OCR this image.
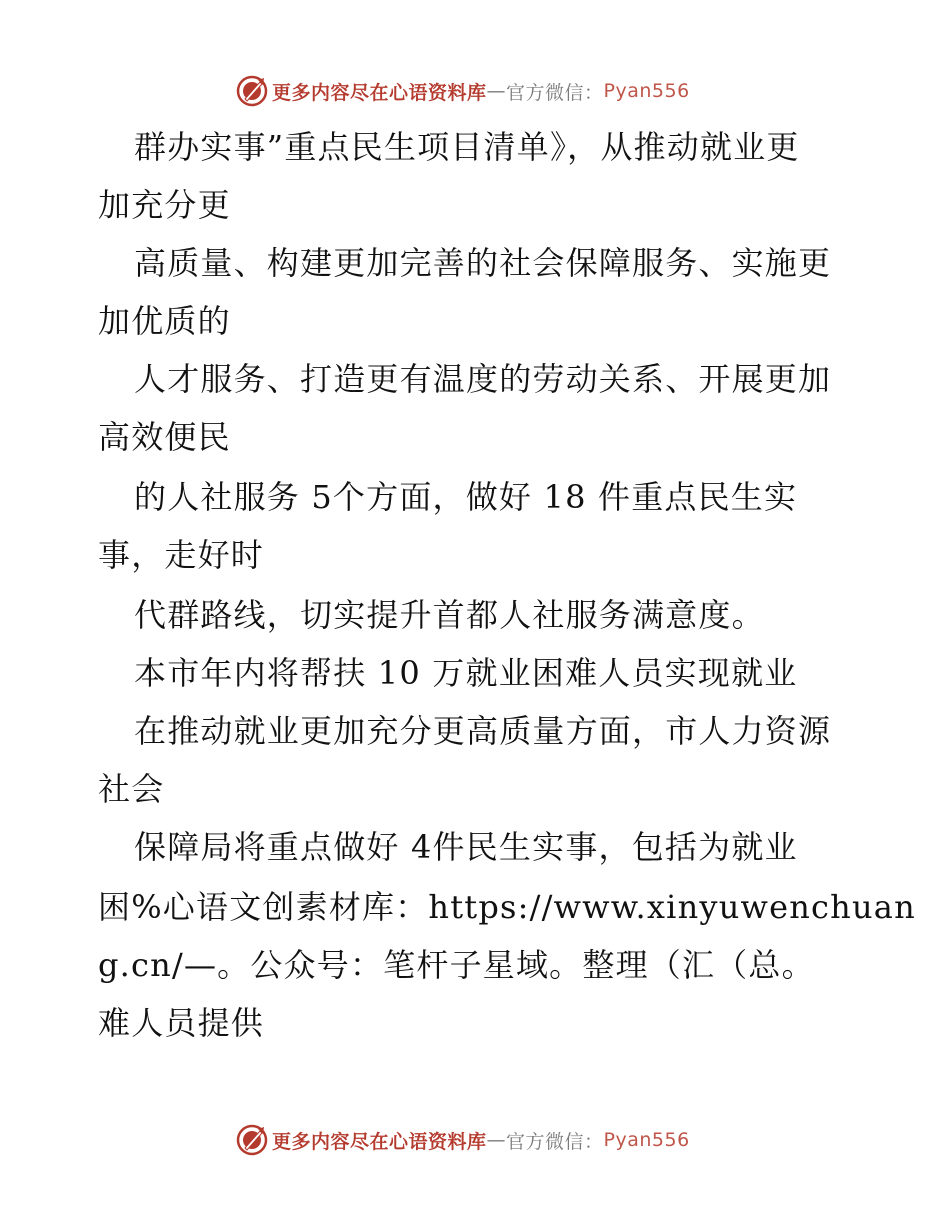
更多内容尽在心语资料库 — 官方微信： Pyan556
群办实事”重点民生项目清单》，从推动就业更
加充分更
高质量、构建更加完善的社会保障服务、实施更
加优质的
人才服务、打造更有温度的劳动关系、开展更加
高效便民
的人社服务 5个方面，做好 18 件重点民生实
事，走好时
代群路线，切实提升首都人社服务满意度。
本市年内将帮扶 10 万就业困难人员实现就业
在推动就业更加充分更高质量方面，市人力资源
社会
保障局将重点做好 4件民生实事，包括为就业
困%心语文创素材库：https://www.xinyuwenchuan
g.cn/—。公众号：笔杆子星域。整理（汇（总。
难人员提供
更多内容尽在心语资料库 — 官方微信： Pyan556
